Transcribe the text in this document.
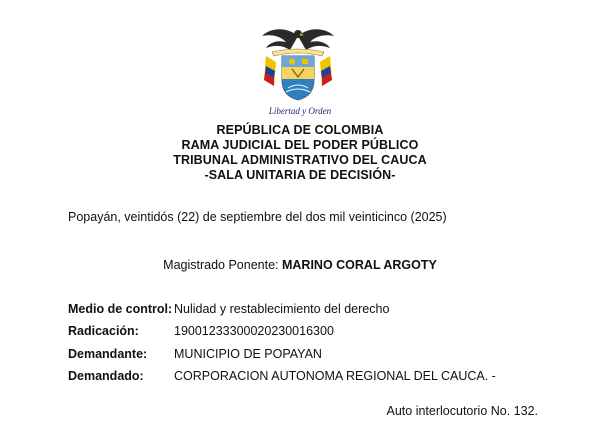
Libertad y Orden
REPÚBLICA DE COLOMBIA
RAMA JUDICIAL DEL PODER PÚBLICO
TRIBUNAL ADMINISTRATIVO DEL CAUCA
-SALA UNITARIA DE DECISIÓN-
Popayán, veintidós (22) de septiembre del dos mil veinticinco (2025)
Magistrado Ponente: MARINO CORAL ARGOTY
Medio de control: Nulidad y restablecimiento del derecho
Radicación:	19001233300020230016300
Demandante: MUNICIPIO DE POPAYAN
Demandado: CORPORACION AUTONOMA REGIONAL DEL CAUCA. -
Auto interlocutorio No. 132.
